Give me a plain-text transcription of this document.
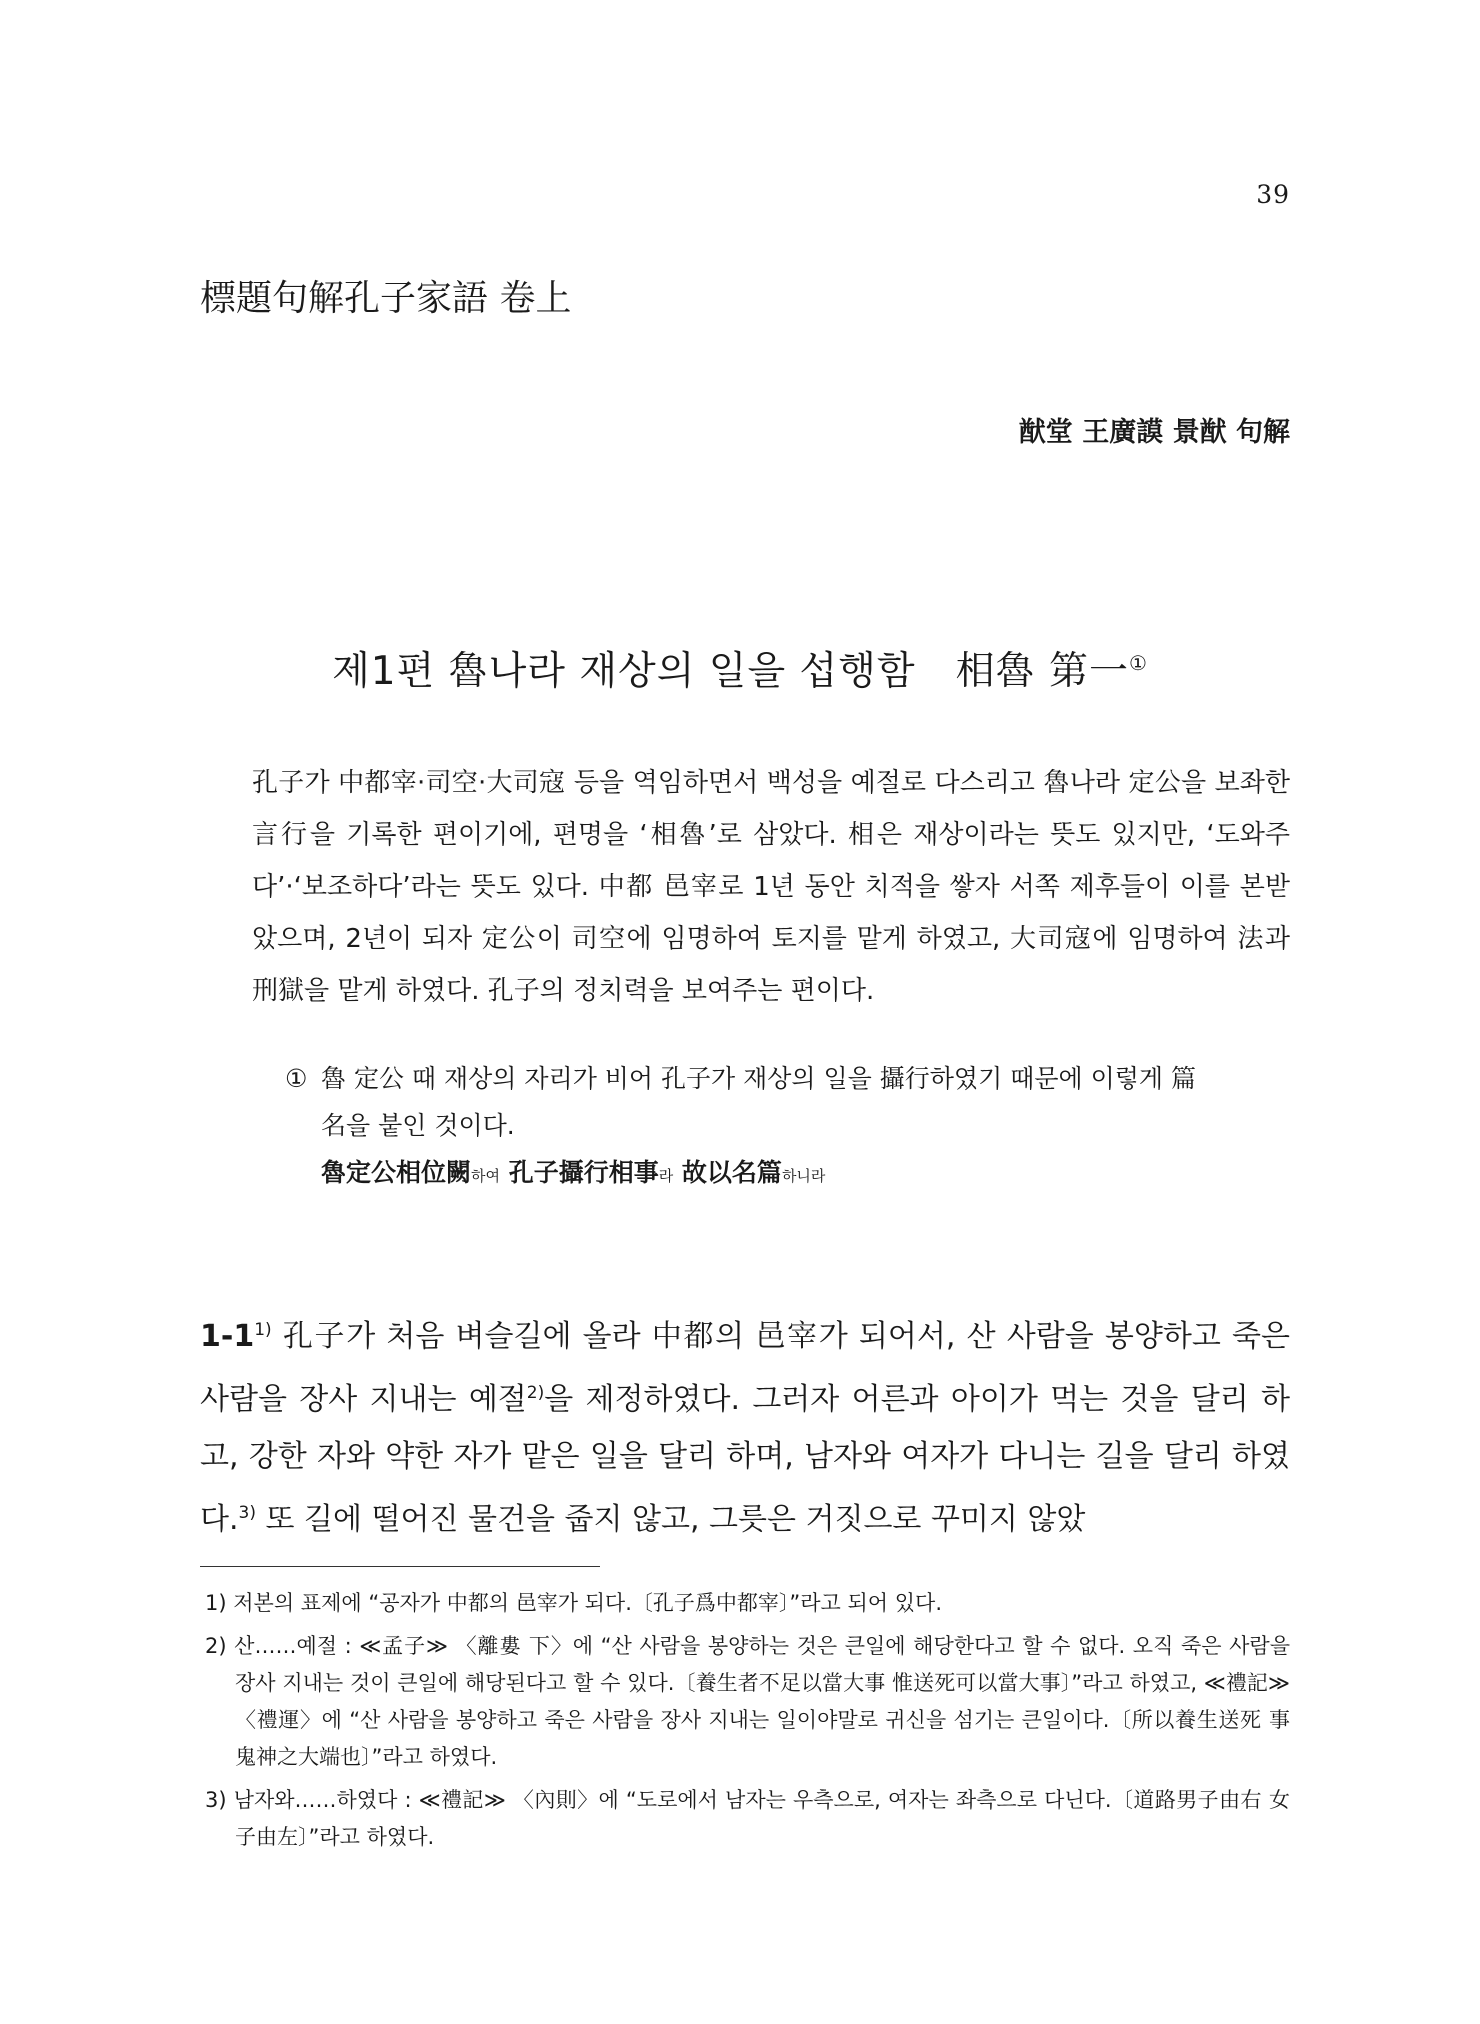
39
標題句解孔子家語 卷上
猷堂 王廣謨 景猷 句解
제1편 魯나라 재상의 일을 섭행함　相魯 第一①
孔子가 中都宰·司空·大司寇 등을 역임하면서 백성을 예절로 다스리고 魯나라 定公을 보좌한 言行을 기록한 편이기에, 편명을 ‘相魯’로 삼았다. 相은 재상이라는 뜻도 있지만, ‘도와주다’·‘보조하다’라는 뜻도 있다. 中都 邑宰로 1년 동안 치적을 쌓자 서쪽 제후들이 이를 본받았으며, 2년이 되자 定公이 司空에 임명하여 토지를 맡게 하였고, 大司寇에 임명하여 法과 刑獄을 맡게 하였다. 孔子의 정치력을 보여주는 편이다.
① 魯 定公 때 재상의 자리가 비어 孔子가 재상의 일을 攝行하였기 때문에 이렇게 篇
名을 붙인 것이다.
魯定公相位闕하여 孔子攝行相事라 故以名篇하니라
1-1$^{1)}$ 孔子가 처음 벼슬길에 올라 中都의 邑宰가 되어서, 산 사람을 봉양하고 죽은 사람을 장사 지내는 예절$^{2)}$을 제정하였다. 그러자 어른과 아이가 먹는 것을 달리 하고, 강한 자와 약한 자가 맡은 일을 달리 하며, 남자와 여자가 다니는 길을 달리 하였다.$^{3)}$ 또 길에 떨어진 물건을 줍지 않고, 그릇은 거짓으로 꾸미지 않았
1) 저본의 표제에 “공자가 中都의 邑宰가 되다.〔孔子爲中都宰〕”라고 되어 있다.
2) 산……예절 : ≪孟子≫ 〈離婁 下〉에 “산 사람을 봉양하는 것은 큰일에 해당한다고 할 수 없다. 오직 죽은 사람을 장사 지내는 것이 큰일에 해당된다고 할 수 있다.〔養生者不足以當大事 惟送死可以當大事〕”라고 하였고, ≪禮記≫ 〈禮運〉에 “산 사람을 봉양하고 죽은 사람을 장사 지내는 일이야말로 귀신을 섬기는 큰일이다.〔所以養生送死 事鬼神之大端也〕”라고 하였다.
3) 남자와……하였다 : ≪禮記≫ 〈內則〉에 “도로에서 남자는 우측으로, 여자는 좌측으로 다닌다.〔道路男子由右 女子由左〕”라고 하였다.
